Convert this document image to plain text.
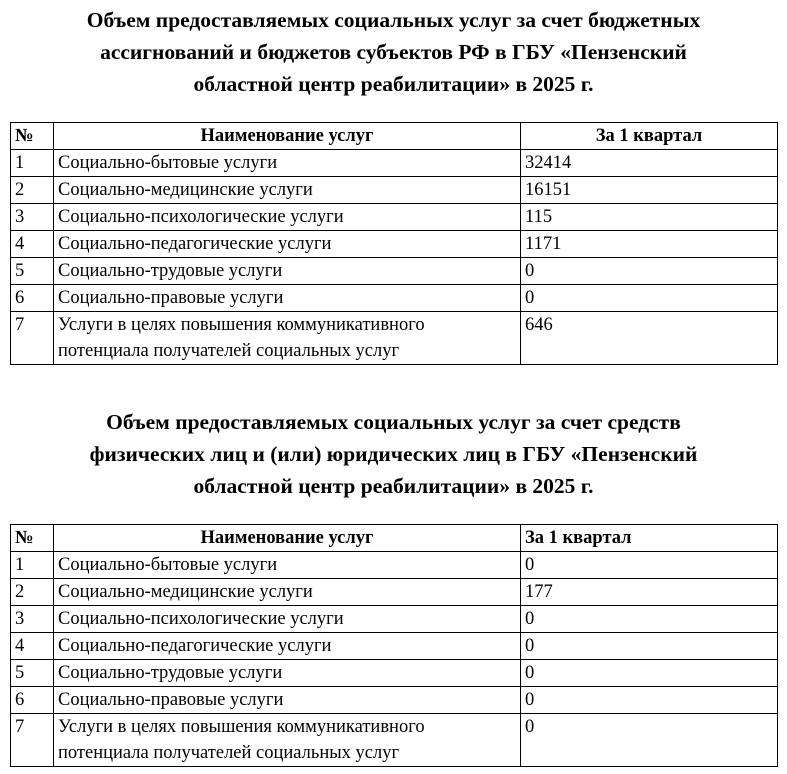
Объем предоставляемых социальных услуг за счет бюджетных
ассигнований и бюджетов субъектов РФ в ГБУ «Пензенский
областной центр реабилитации» в 2025 г.
№	Наименование услуг	За 1 квартал
1	Социально-бытовые услуги	32414
2	Социально-медицинские услуги	16151
3	Социально-психологические услуги	115
4	Социально-педагогические услуги	1171
5	Социально-трудовые услуги	0
6	Социально-правовые услуги	0
7	Услуги в целях повышения коммуникативного
потенциала получателей социальных услуг	646
Объем предоставляемых социальных услуг за счет средств
физических лиц и (или) юридических лиц в ГБУ «Пензенский
областной центр реабилитации» в 2025 г.
№	Наименование услуг	За 1 квартал
1	Социально-бытовые услуги	0
2	Социально-медицинские услуги	177
3	Социально-психологические услуги	0
4	Социально-педагогические услуги	0
5	Социально-трудовые услуги	0
6	Социально-правовые услуги	0
7	Услуги в целях повышения коммуникативного
потенциала получателей социальных услуг	0
